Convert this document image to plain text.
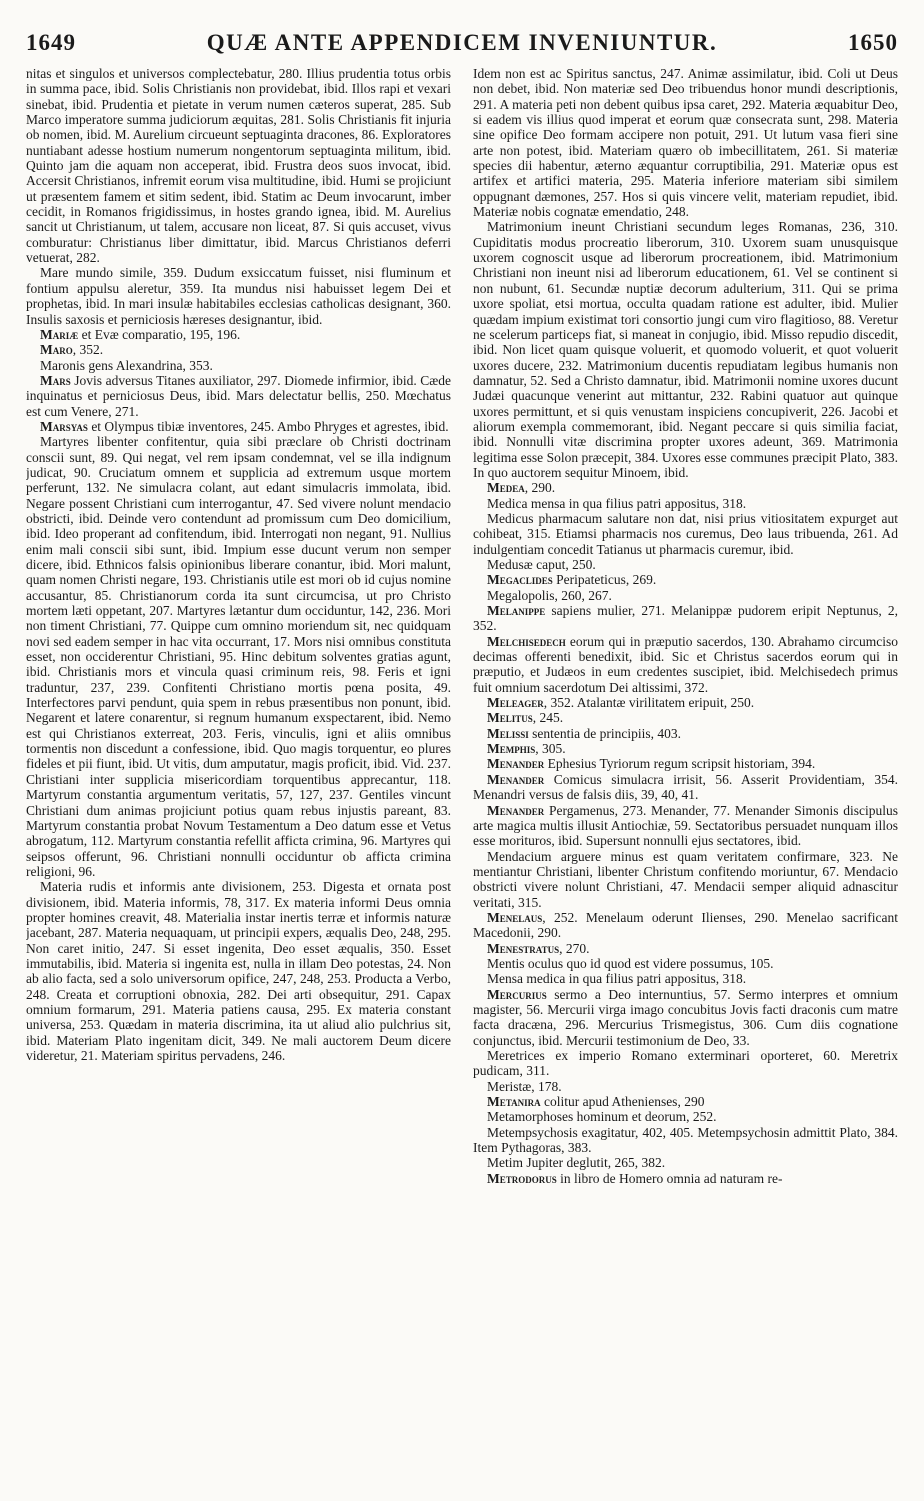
1649	QUÆ ANTE APPENDICEM INVENIUNTUR.	1650

nitas et singulos et universos complectebatur, 280. Illius prudentia totus orbis in summa pace, ibid. Solis Christianis non providebat, ibid. Illos rapi et vexari sinebat, ibid. Prudentia et pietate in verum numen cæteros superat, 285. Sub Marco imperatore summa judiciorum æquitas, 281. Solis Christianis fit injuria ob nomen, ibid. M. Aurelium circueunt septuaginta dracones, 86. Exploratores nuntiabant adesse hostium numerum nongentorum septuaginta militum, ibid. Quinto jam die aquam non acceperat, ibid. Frustra deos suos invocat, ibid. Accersit Christianos, infremit eorum visa multitudine, ibid. Humi se projiciunt ut præsentem famem et sitim sedent, ibid. Statim ac Deum invocarunt, imber cecidit, in Romanos frigidissimus, in hostes grando ignea, ibid. M. Aurelius sancit ut Christianum, ut talem, accusare non liceat, 87. Si quis accuset, vivus comburatur: Christianus liber dimittatur, ibid. Marcus Christianos deferri vetuerat, 282.

Mare mundo simile, 359. Dudum exsiccatum fuisset, nisi fluminum et fontium appulsu aleretur, 359. Ita mundus nisi habuisset legem Dei et prophetas, ibid. In mari insulæ habitabiles ecclesias catholicas designant, 360. Insulis saxosis et perniciosis hæreses designantur, ibid.

Mariæ et Evæ comparatio, 195, 196.

Maro, 352.

Maronis gens Alexandrina, 353.

Mars Jovis adversus Titanes auxiliator, 297. Diomede infirmior, ibid. Cæde inquinatus et perniciosus Deus, ibid. Mars delectatur bellis, 250. Mœchatus est cum Venere, 271.

Marsyas et Olympus tibiæ inventores, 245. Ambo Phryges et agrestes, ibid.

Martyres libenter confitentur, quia sibi præclare ob Christi doctrinam conscii sunt, 89. Qui negat, vel rem ipsam condemnat, vel se illa indignum judicat, 90. Cruciatum omnem et supplicia ad extremum usque mortem perferunt, 132. Ne simulacra colant, aut edant simulacris immolata, ibid. Negare possent Christiani cum interrogantur, 47. Sed vivere nolunt mendacio obstricti, ibid. Deinde vero contendunt ad promissum cum Deo domicilium, ibid. Ideo properant ad confitendum, ibid. Interrogati non negant, 91. Nullius enim mali conscii sibi sunt, ibid. Impium esse ducunt verum non semper dicere, ibid. Ethnicos falsis opinionibus liberare conantur, ibid. Mori malunt, quam nomen Christi negare, 193. Christianis utile est mori ob id cujus nomine accusantur, 85. Christianorum corda ita sunt circumcisa, ut pro Christo mortem læti oppetant, 207. Martyres lætantur dum occiduntur, 142, 236. Mori non timent Christiani, 77. Quippe cum omnino moriendum sit, nec quidquam novi sed eadem semper in hac vita occurrant, 17. Mors nisi omnibus constituta esset, non occiderentur Christiani, 95. Hinc debitum solventes gratias agunt, ibid. Christianis mors et vincula quasi criminum reis, 98. Feris et igni traduntur, 237, 239. Confitenti Christiano mortis pœna posita, 49. Interfectores parvi pendunt, quia spem in rebus præsentibus non ponunt, ibid. Negarent et latere conarentur, si regnum humanum exspectarent, ibid. Nemo est qui Christianos exterreat, 203. Feris, vinculis, igni et aliis omnibus tormentis non discedunt a confessione, ibid. Quo magis torquentur, eo plures fideles et pii fiunt, ibid. Ut vitis, dum amputatur, magis proficit, ibid. Vid. 237. Christiani inter supplicia misericordiam torquentibus apprecantur, 118. Martyrum constantia argumentum veritatis, 57, 127, 237. Gentiles vincunt Christiani dum animas projiciunt potius quam rebus injustis pareant, 83. Martyrum constantia probat Novum Testamentum a Deo datum esse et Vetus abrogatum, 112. Martyrum constantia refellit afficta crimina, 96. Martyres qui seipsos offerunt, 96. Christiani nonnulli occiduntur ob afficta crimina religioni, 96.

Materia rudis et informis ante divisionem, 253. Digesta et ornata post divisionem, ibid. Materia informis, 78, 317. Ex materia informi Deus omnia propter homines creavit, 48. Materialia instar inertis terræ et informis naturæ jacebant, 287. Materia nequaquam, ut principii expers, æqualis Deo, 248, 295. Non caret initio, 247. Si esset ingenita, Deo esset æqualis, 350. Esset immutabilis, ibid. Materia si ingenita est, nulla in illam Deo potestas, 24. Non ab alio facta, sed a solo universorum opifice, 247, 248, 253. Producta a Verbo, 248. Creata et corruptioni obnoxia, 282. Dei arti obsequitur, 291. Capax omnium formarum, 291. Materia patiens causa, 295. Ex materia constant universa, 253. Quædam in materia discrimina, ita ut aliud alio pulchrius sit, ibid. Materiam Plato ingenitam dicit, 349. Ne mali auctorem Deum dicere videretur, 21. Materiam spiritus pervadens, 246.

Idem non est ac Spiritus sanctus, 247. Animæ assimilatur, ibid. Coli ut Deus non debet, ibid. Non materiæ sed Deo tribuendus honor mundi descriptionis, 291. A materia peti non debent quibus ipsa caret, 292. Materia æquabitur Deo, si eadem vis illius quod imperat et eorum quæ consecrata sunt, 298. Materia sine opifice Deo formam accipere non potuit, 291. Ut lutum vasa fieri sine arte non potest, ibid. Materiam quæro ob imbecillitatem, 261. Si materiæ species dii habentur, æterno æquantur corruptibilia, 291. Materiæ opus est artifex et artifici materia, 295. Materia inferiore materiam sibi similem oppugnant dæmones, 257. Hos si quis vincere velit, materiam repudiet, ibid. Materiæ nobis cognatæ emendatio, 248.

Matrimonium ineunt Christiani secundum leges Romanas, 236, 310. Cupiditatis modus procreatio liberorum, 310. Uxorem suam unusquisque uxorem cognoscit usque ad liberorum procreationem, ibid. Matrimonium Christiani non ineunt nisi ad liberorum educationem, 61. Vel se continent si non nubunt, 61. Secundæ nuptiæ decorum adulterium, 311. Qui se prima uxore spoliat, etsi mortua, occulta quadam ratione est adulter, ibid. Mulier quædam impium existimat tori consortio jungi cum viro flagitioso, 88. Veretur ne scelerum particeps fiat, si maneat in conjugio, ibid. Misso repudio discedit, ibid. Non licet quam quisque voluerit, et quomodo voluerit, et quot voluerit uxores ducere, 232. Matrimonium ducentis repudiatam legibus humanis non damnatur, 52. Sed a Christo damnatur, ibid. Matrimonii nomine uxores ducunt Judæi quacunque venerint aut mittantur, 232. Rabini quatuor aut quinque uxores permittunt, et si quis venustam inspiciens concupiverit, 226. Jacobi et aliorum exempla commemorant, ibid. Negant peccare si quis similia faciat, ibid. Nonnulli vitæ discrimina propter uxores adeunt, 369. Matrimonia legitima esse Solon præcepit, 384. Uxores esse communes præcipit Plato, 383. In quo auctorem sequitur Minoem, ibid.

Medea, 290.

Medica mensa in qua filius patri appositus, 318.

Medicus pharmacum salutare non dat, nisi prius vitiositatem expurget aut cohibeat, 315. Etiamsi pharmacis nos curemus, Deo laus tribuenda, 261. Ad indulgentiam concedit Tatianus ut pharmacis curemur, ibid.

Medusæ caput, 250.

Megaclides Peripateticus, 269.

Megalopolis, 260, 267.

Melanippe sapiens mulier, 271. Melanippæ pudorem eripit Neptunus, 2, 352.

Melchisedech eorum qui in præputio sacerdos, 130. Abrahamo circumciso decimas offerenti benedixit, ibid. Sic et Christus sacerdos eorum qui in præputio, et Judæos in eum credentes suscipiet, ibid. Melchisedech primus fuit omnium sacerdotum Dei altissimi, 372.

Meleager, 352. Atalantæ virilitatem eripuit, 250.

Melitus, 245.

Melissi sententia de principiis, 403.

Memphis, 305.

Menander Ephesius Tyriorum regum scripsit historiam, 394.

Menander Comicus simulacra irrisit, 56. Asserit Providentiam, 354. Menandri versus de falsis diis, 39, 40, 41.

Menander Pergamenus, 273. Menander, 77. Menander Simonis discipulus arte magica multis illusit Antiochiæ, 59. Sectatoribus persuadet nunquam illos esse morituros, ibid. Supersunt nonnulli ejus sectatores, ibid.

Mendacium arguere minus est quam veritatem confirmare, 323. Ne mentiantur Christiani, libenter Christum confitendo moriuntur, 67. Mendacio obstricti vivere nolunt Christiani, 47. Mendacii semper aliquid adnascitur veritati, 315.

Menelaus, 252. Menelaum oderunt Ilienses, 290. Menelao sacrificant Macedonii, 290.

Menestratus, 270.

Mentis oculus quo id quod est videre possumus, 105.

Mensa medica in qua filius patri appositus, 318.

Mercurius sermo a Deo internuntius, 57. Sermo interpres et omnium magister, 56. Mercurii virga imago concubitus Jovis facti draconis cum matre facta dracæna, 296. Mercurius Trismegistus, 306. Cum diis cognatione conjunctus, ibid. Mercurii testimonium de Deo, 33.

Meretrices ex imperio Romano exterminari oporteret, 60. Meretrix pudicam, 311.

Meristæ, 178.

Metanira colitur apud Athenienses, 290

Metamorphoses hominum et deorum, 252.

Metempsychosis exagitatur, 402, 405. Metempsychosin admittit Plato, 384. Item Pythagoras, 383.

Metim Jupiter deglutit, 265, 382.

Metrodorus in libro de Homero omnia ad naturam re-
